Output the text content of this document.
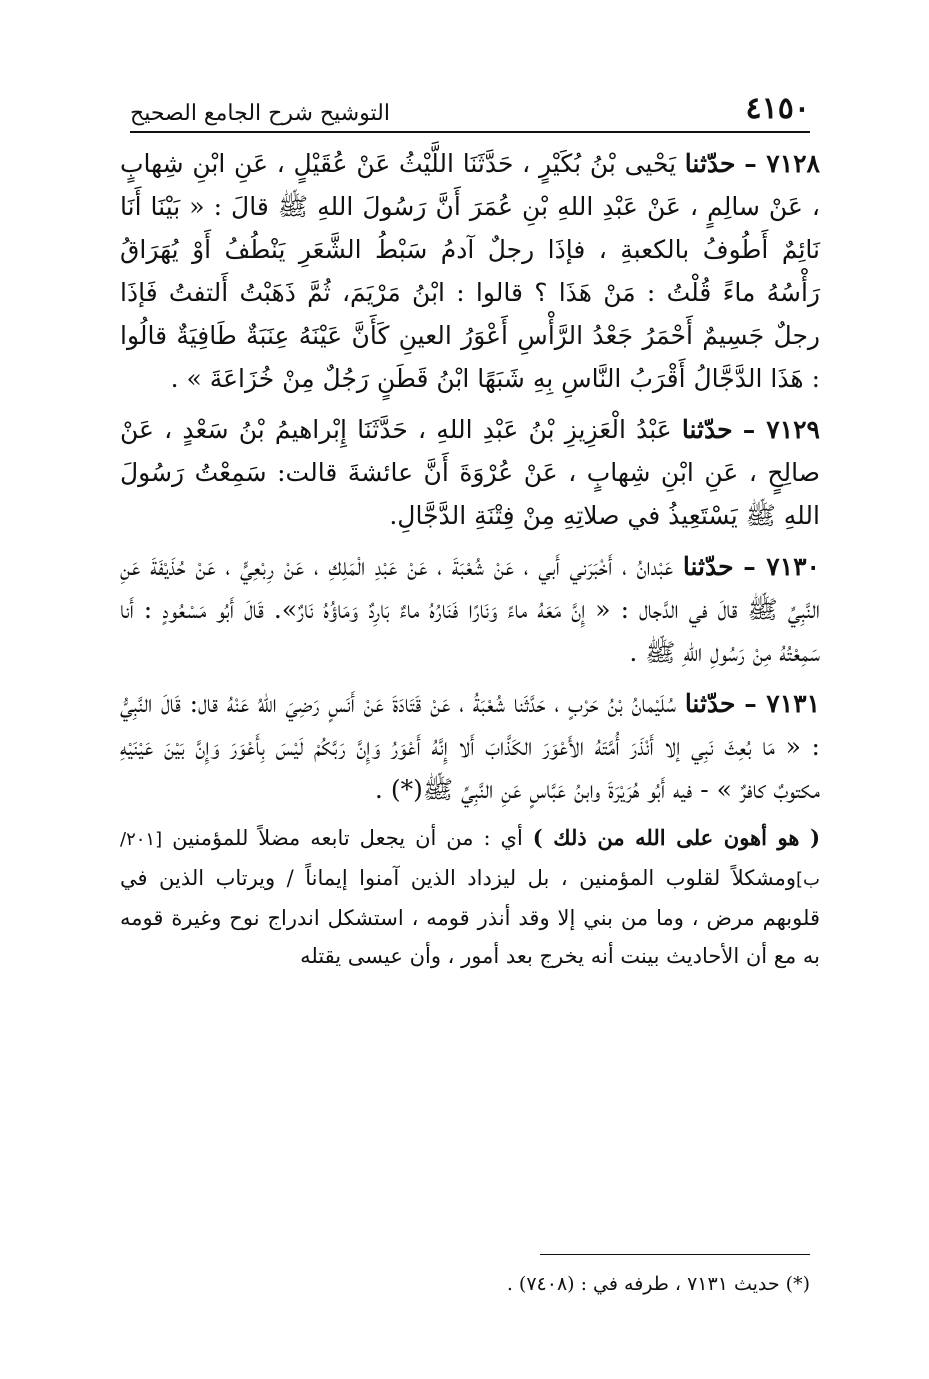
٤١٥٠
التوشيح شرح الجامع الصحيح

٧١٢٨ – حدّثنا يَحْيى بْنُ بُكَيْرٍ ، حَدَّثَنَا اللَّيْثُ عَنْ عُقَيْلٍ ، عَنِ ابْنِ شِهابٍ ، عَنْ سالِمٍ ، عَنْ عَبْدِ اللهِ بْنِ عُمَرَ أَنَّ رَسُولَ اللهِ ﷺ قالَ : « بَيْنَا أَنَا نَائِمٌ أَطُوفُ بالكعبةِ ، فإذَا رجلٌ آدمُ سَبْطُ الشَّعَرِ يَنْطُفُ أَوْ يُهَرَاقُ رَأْسُهُ ماءً قُلْتُ : مَنْ هَذَا ؟ قالوا : ابْنُ مَرْيَمَ، ثُمَّ ذَهَبْتُ أَلتفتُ فَإذَا رجلٌ جَسِيمٌ أَحْمَرُ جَعْدُ الرَّأْسِ أَعْوَرُ العينِ كَأَنَّ عَيْنَهُ عِنَبَةٌ طَافِيَةٌ قالُوا : هَذَا الدَّجَّالُ أَقْرَبُ النَّاسِ بِهِ شَبَهًا ابْنُ قَطَنٍ رَجُلٌ مِنْ خُزَاعَةَ » .

٧١٢٩ – حدّثنا عَبْدُ الْعَزِيزِ بْنُ عَبْدِ اللهِ ، حَدَّثَنَا إِبْراهيمُ بْنُ سَعْدٍ ، عَنْ صالِحٍ ، عَنِ ابْنِ شِهابٍ ، عَنْ عُرْوَةَ أَنَّ عائشةَ قالت: سَمِعْتُ رَسُولَ اللهِ ﷺ يَسْتَعِيذُ في صلاتِهِ مِنْ فِتْنَةِ الدَّجَّالِ.

٧١٣٠ – حدّثنا عَبْدانُ ، أَخْبَرَني أَبي ، عَنْ شُعْبَةَ ، عَنْ عَبْدِ الْمَلِكِ ، عَنْ رِبْعِيٍّ ، عَنْ حُذَيْفَةَ عَنِ النَّبِيِّ ﷺ قالَ في الدَّجال : « إِنَّ مَعَهُ ماءً وَنَارًا فَنَارُهُ ماءٌ بَارِدٌ وَمَاؤُهُ نَارٌ». قَالَ أَبُو مَسْعُودٍ : أَنا سَمِعْتُهُ مِنْ رَسُولِ اللهِ ﷺ .

٧١٣١ – حدّثنا سُلَيْمانُ بْنُ حَرْبٍ ، حَدَّثَنا شُعْبَةُ ، عَنْ قَتَادَةَ عَنْ أَنَسٍ رَضِيَ اللهُ عَنْهُ قال: قَالَ النَّبِيُّ : « مَا بُعِثَ نَبِي إلا أَنْذَرَ أُمَّتَهُ الأَعْوَرَ الكَذَّابَ أَلا إِنَّهُ أَعْوَرُ وَإِنَّ رَبَّكُمْ لَيْسَ بِأَعْوَرَ وَإِنَّ بَيْنَ عَيْنَيْهِ مكتوبٌ كافرٌ » - فيه أَبُو هُرَيْرَةَ وابنُ عَبَّاسٍ عَنِ النَّبِيِّ ﷺ(*) .

( هو أهون على الله من ذلك ) أي : من أن يجعل تابعه مضلاً للمؤمنين [٢٠١/ب]ومشكلاً لقلوب المؤمنين ، بل ليزداد الذين آمنوا إيماناً / ويرتاب الذين في قلوبهم مرض ، وما من بني إلا وقد أنذر قومه ، استشكل اندراج نوح وغيرة قومه به مع أن الأحاديث بينت أنه يخرج بعد أمور ، وأن عيسى يقتله

(*) حديث ٧١٣١ ، طرفه في : (٧٤٠٨) .
